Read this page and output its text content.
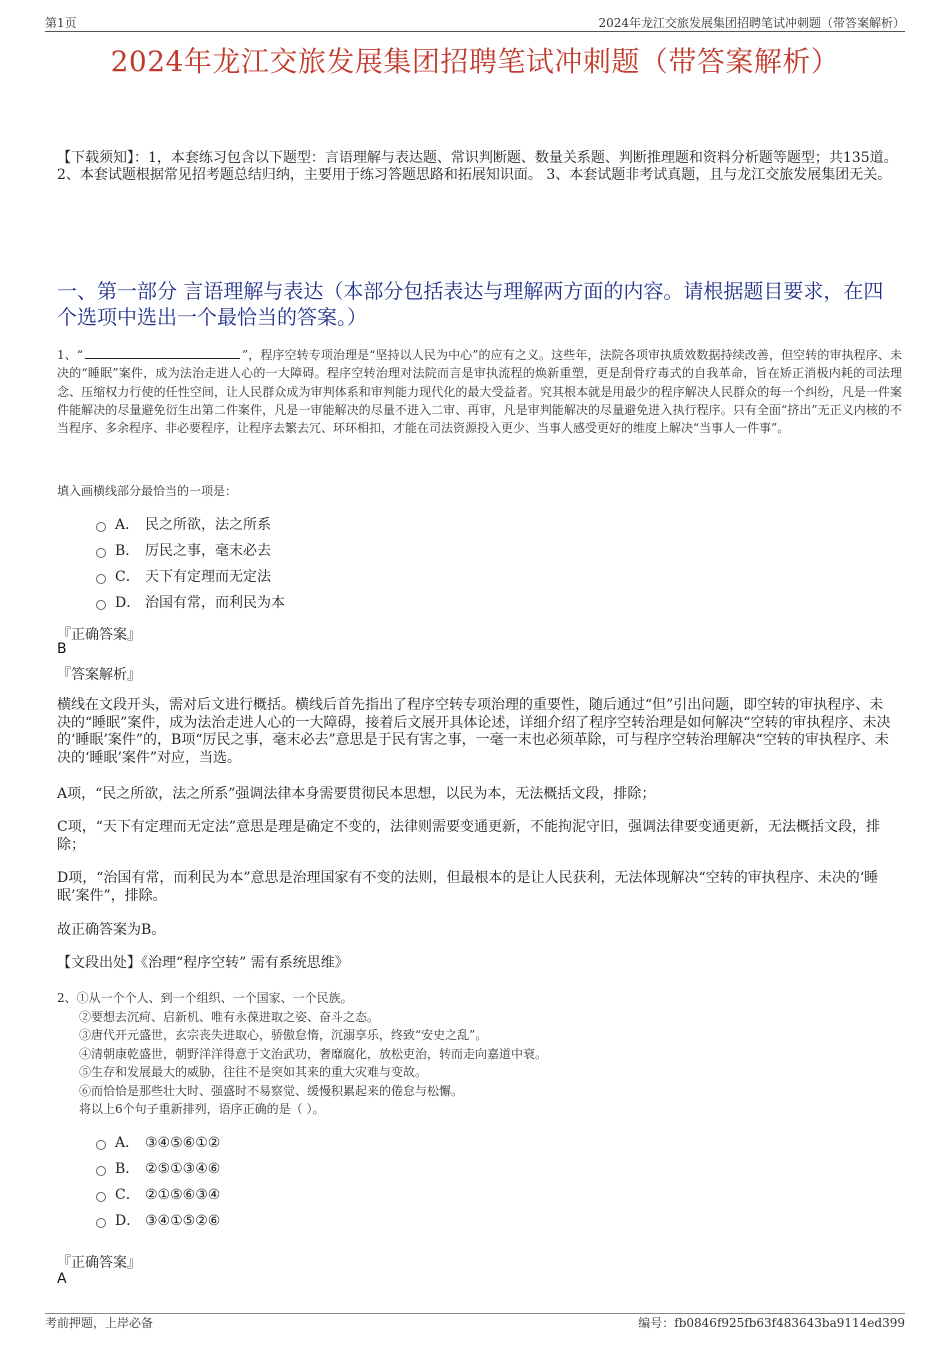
第1页	2024年龙江交旅发展集团招聘笔试冲刺题（带答案解析）
2024年龙江交旅发展集团招聘笔试冲刺题（带答案解析）
【下载须知】：1，本套练习包含以下题型：言语理解与表达题、常识判断题、数量关系题、判断推理题和资料分析题等题型；共135道。 2、本套试题根据常见招考题总结归纳，主要用于练习答题思路和拓展知识面。 3、本套试题非考试真题，且与龙江交旅发展集团无关。
一、第一部分 言语理解与表达（本部分包括表达与理解两方面的内容。请根据题目要求，在四个选项中选出一个最恰当的答案。）
1、“	”，程序空转专项治理是“坚持以人民为中心”的应有之义。这些年，法院各项审执质效数据持续改善，但空转的审执程序、未决的“睡眠”案件，成为法治走进人心的一大障碍。程序空转治理对法院而言是审执流程的焕新重塑，更是刮骨疗毒式的自我革命，旨在矫正消极内耗的司法理念、压缩权力行使的任性空间，让人民群众成为审判体系和审判能力现代化的最大受益者。究其根本就是用最少的程序解决人民群众的每一个纠纷，凡是一件案件能解决的尽量避免衍生出第二件案件，凡是一审能解决的尽量不进入二审、再审，凡是审判能解决的尽量避免进入执行程序。只有全面“挤出”无正义内核的不当程序、多余程序、非必要程序，让程序去繁去冗、环环相扣，才能在司法资源投入更少、当事人感受更好的维度上解决“当事人一件事”。
填入画横线部分最恰当的一项是：
A． 民之所欲，法之所系
B． 厉民之事，毫末必去
C． 天下有定理而无定法
D． 治国有常，而利民为本
『正确答案』
B
『答案解析』
横线在文段开头，需对后文进行概括。横线后首先指出了程序空转专项治理的重要性，随后通过“但”引出问题，即空转的审执程序、未决的“睡眠”案件，成为法治走进人心的一大障碍，接着后文展开具体论述，详细介绍了程序空转治理是如何解决“空转的审执程序、未决的‘睡眠’案件”的，B项“厉民之事，毫末必去”意思是于民有害之事，一毫一末也必须革除，可与程序空转治理解决“空转的审执程序、未决的‘睡眠’案件”对应，当选。
A项，“民之所欲，法之所系”强调法律本身需要贯彻民本思想，以民为本，无法概括文段，排除；
C项，“天下有定理而无定法”意思是理是确定不变的，法律则需要变通更新，不能拘泥守旧，强调法律要变通更新，无法概括文段，排除；
D项，“治国有常，而利民为本”意思是治理国家有不变的法则，但最根本的是让人民获利，无法体现解决“空转的审执程序、未决的‘睡眠’案件”，排除。
故正确答案为B。
【文段出处】《治理“程序空转” 需有系统思维》
2、①从一个个人、到一个组织、一个国家、一个民族。
②要想去沉疴、启新机、唯有永葆进取之姿、奋斗之态。
③唐代开元盛世，玄宗丧失进取心，骄傲怠惰，沉溺享乐，终致“安史之乱”。
④清朝康乾盛世，朝野洋洋得意于文治武功，奢靡腐化，放松吏治，转而走向嘉道中衰。
⑤生存和发展最大的威胁，往往不是突如其来的重大灾难与变故。
⑥而恰恰是那些壮大时、强盛时不易察觉、缓慢积累起来的倦怠与松懈。
将以上6个句子重新排列，语序正确的是（ ）。
A． ③④⑤⑥①②
B． ②⑤①③④⑥
C． ②①⑤⑥③④
D． ③④①⑤②⑥
『正确答案』
A
考前押题，上岸必备	编号：fb0846f925fb63f483643ba9114ed399
